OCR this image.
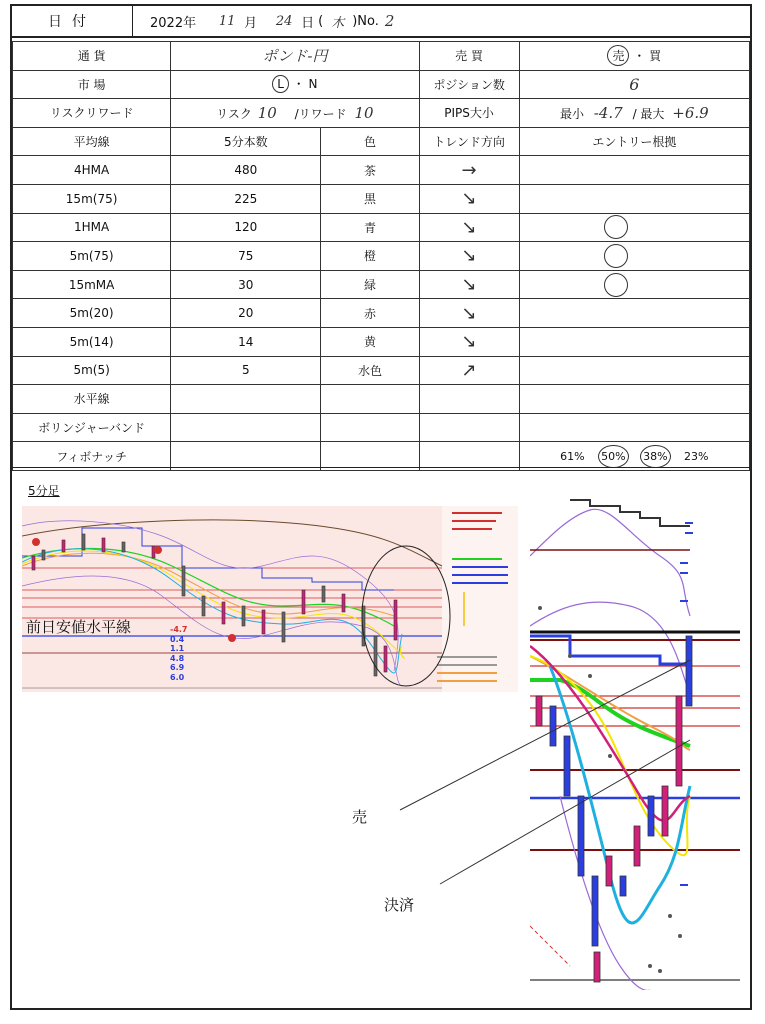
日付	2022年	11 月	24 日 ( 木 )No. 2
通 貨	ポンド-円		売 買	売 ・ 買
市 場	L ・ N		ポジション数	6
リスクリワード	リスク 10 /リワード 10		PIPS大小	最小 -4.7 / 最大 +6.9
平均線	5分本数	色	トレンド方向	エントリー根拠
4HMA	480	茶	→	
15m(75)	225	黒	↘	
1HMA	120	青	↘	
5m(75)	75	橙	↘	
15mMA	30	緑	↘	
5m(20)	20	赤	↘	
5m(14)	14	黄	↘	
5m(5)	5	水色	↗	
水平線				
ボリンジャーバンド				
フィボナッチ				61% 50% 38% 23%
5分足
前日安値水平線	-4.7
0.4
1.1
4.8
6.9
6.0
売
決済
